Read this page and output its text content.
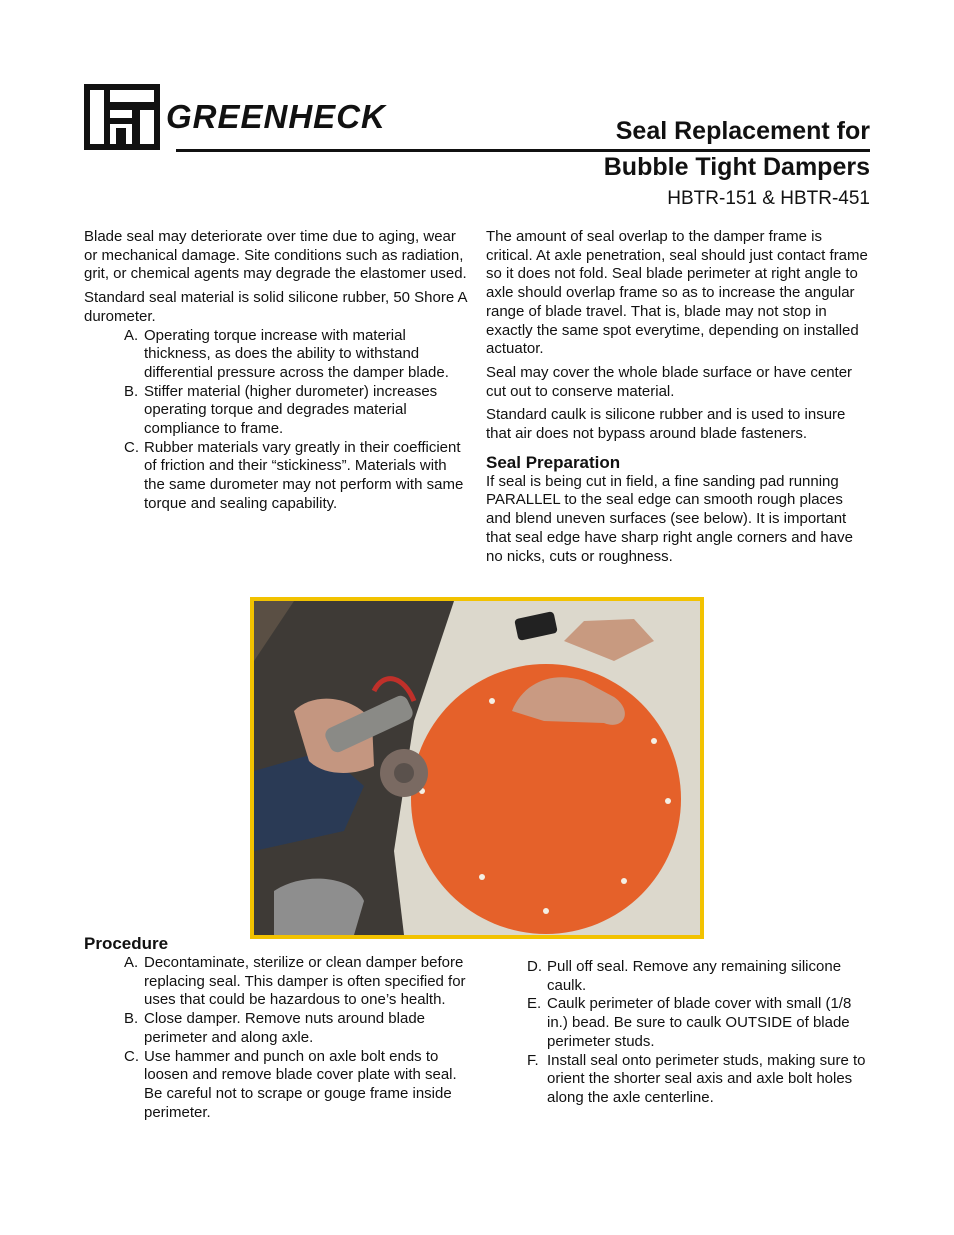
GREENHECK
®
Seal Replacement for
Bubble Tight Dampers
HBTR-151 & HBTR-451

Blade seal may deteriorate over time due to aging, wear or mechanical damage. Site conditions such as radiation, grit, or chemical agents may degrade the elastomer used.

Standard seal material is solid silicone rubber, 50 Shore A durometer.

A. Operating torque increase with material thickness, as does the ability to withstand differential pressure across the damper blade.
B. Stiffer material (higher durometer) increases operating torque and degrades material compliance to frame.
C. Rubber materials vary greatly in their coefficient of friction and their “stickiness”. Materials with the same durometer may not perform with same torque and sealing capability.

The amount of seal overlap to the damper frame is critical. At axle penetration, seal should just contact frame so it does not fold. Seal blade perimeter at right angle to axle should overlap frame so as to increase the angular range of blade travel. That is, blade may not stop in exactly the same spot everytime, depending on installed actuator.

Seal may cover the whole blade surface or have center cut out to conserve material.

Standard caulk is silicone rubber and is used to insure that air does not bypass around blade fasteners.

Seal Preparation

If seal is being cut in field, a fine sanding pad running PARALLEL to the seal edge can smooth rough places and blend uneven surfaces (see below). It is important that seal edge have sharp right angle corners and have no nicks, cuts or roughness.

Procedure
A. Decontaminate, sterilize or clean damper before replacing seal. This damper is often specified for uses that could be hazardous to one’s health.
B. Close damper. Remove nuts around blade perimeter and along axle.
C. Use hammer and punch on axle bolt ends to loosen and remove blade cover plate with seal. Be careful not to scrape or gouge frame inside perimeter.
D. Pull off seal. Remove any remaining silicone caulk.
E. Caulk perimeter of blade cover with small (1/8 in.) bead. Be sure to caulk OUTSIDE of blade perimeter studs.
F. Install seal onto perimeter studs, making sure to orient the shorter seal axis and axle bolt holes along the axle centerline.
